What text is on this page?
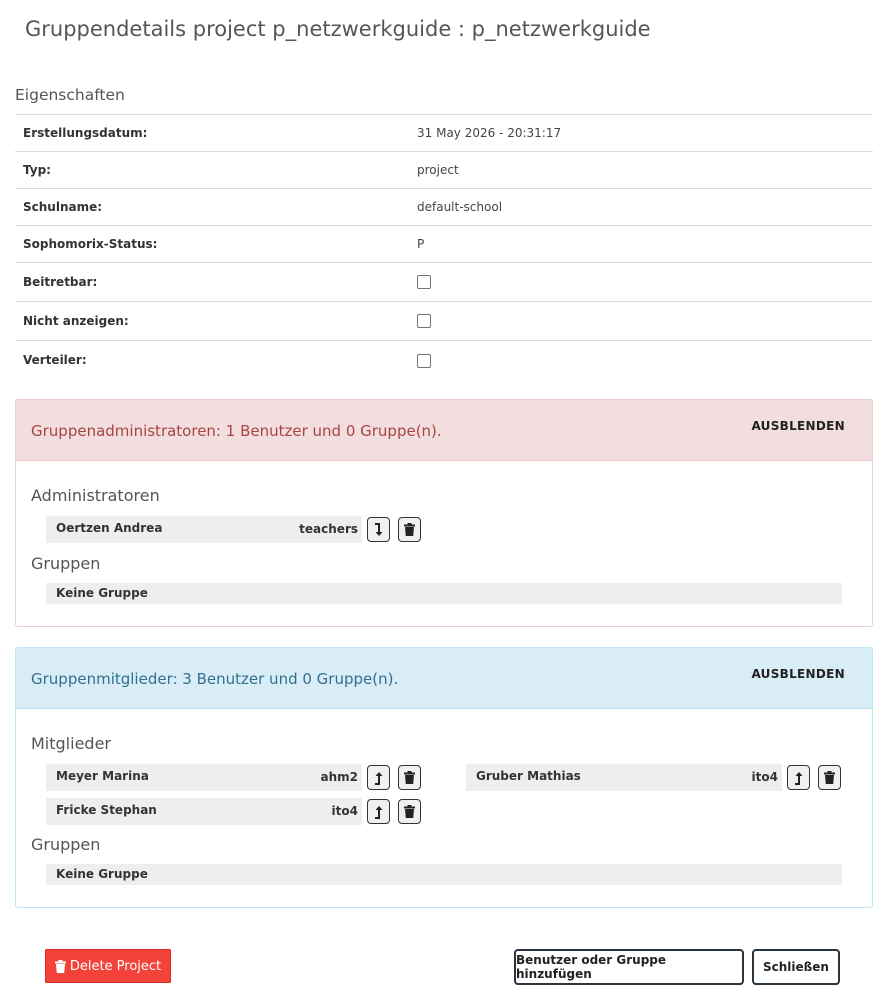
Gruppendetails project p_netzwerkguide : p_netzwerkguide
Eigenschaften
Erstellungsdatum:	31 May 2026 - 20:31:17
Typ:	project
Schulname:	default-school
Sophomorix-Status:	P
Beitretbar:	
Nicht anzeigen:	
Verteiler:	
Gruppenadministratoren: 1 Benutzer und 0 Gruppe(n).	AUSBLENDEN
Administratoren
Oertzen Andrea	teachers
Gruppen
Keine Gruppe
Gruppenmitglieder: 3 Benutzer und 0 Gruppe(n).	AUSBLENDEN
Mitglieder
Meyer Marina	ahm2	Gruber Mathias	ito4
Fricke Stephan	ito4
Gruppen
Keine Gruppe
Delete Project	Benutzer oder Gruppe hinzufügen	Schließen
